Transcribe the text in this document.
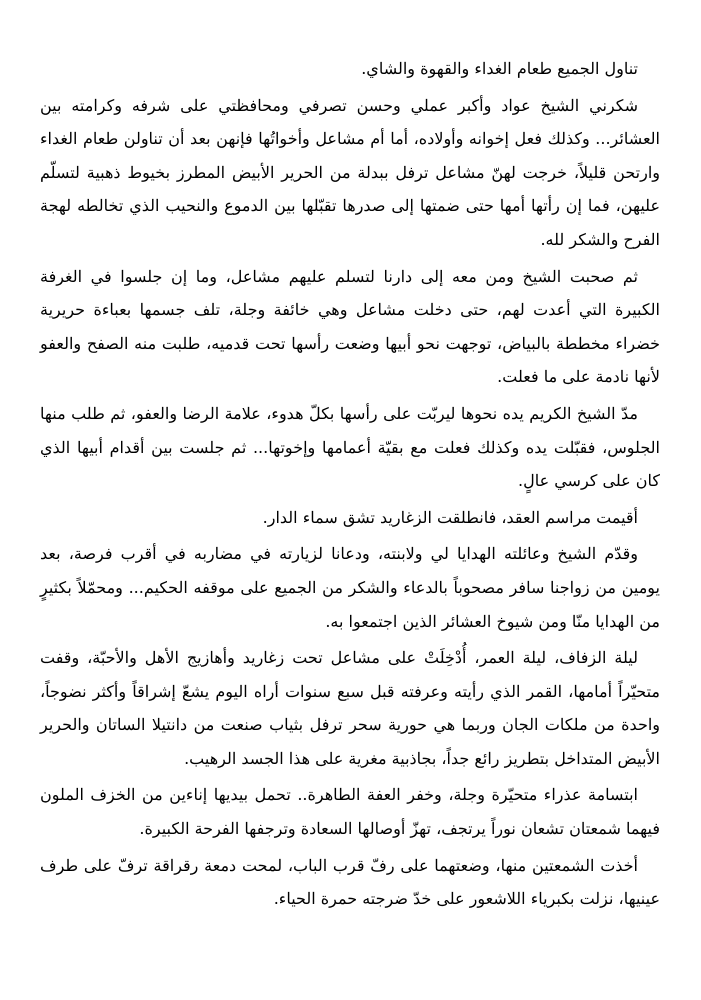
تناول الجميع طعام الغداء والقهوة والشاي.

شكرني الشيخ عواد وأكبر عملي وحسن تصرفي ومحافظتي على شرفه وكرامته بين العشائر... وكذلك فعل إخوانه وأولاده، أما أم مشاعل وأخواتُها فإنهن بعد أن تناولن طعام الغداء وارتحن قليلاً، خرجت لهنّ مشاعل ترفل ببدلة من الحرير الأبيض المطرز بخيوط ذهبية لتسلّم عليهن، فما إن رأتها أمها حتى ضمتها إلى صدرها تقبّلها بين الدموع والنحيب الذي تخالطه لهجة الفرح والشكر لله.

ثم صحبت الشيخ ومن معه إلى دارنا لتسلم عليهم مشاعل، وما إن جلسوا في الغرفة الكبيرة التي أعدت لهم، حتى دخلت مشاعل وهي خائفة وجلة، تلف جسمها بعباءة حريرية خضراء مخططة بالبياض، توجهت نحو أبيها وضعت رأسها تحت قدميه، طلبت منه الصفح والعفو لأنها نادمة على ما فعلت.

مدّ الشيخ الكريم يده نحوها ليربّت على رأسها بكلّ هدوء، علامة الرضا والعفو، ثم طلب منها الجلوس، فقبّلت يده وكذلك فعلت مع بقيّة أعمامها وإخوتها... ثم جلست بين أقدام أبيها الذي كان على كرسي عالٍ.

أقيمت مراسم العقد، فانطلقت الزغاريد تشق سماء الدار.

وقدّم الشيخ وعائلته الهدايا لي ولابنته، ودعانا لزيارته في مضاربه في أقرب فرصة، بعد يومين من زواجنا سافر مصحوباً بالدعاء والشكر من الجميع على موقفه الحكيم... ومحمّلاً بكثيرٍ من الهدايا منّا ومن شيوخ العشائر الذين اجتمعوا به.

ليلة الزفاف، ليلة العمر، أُدْخِلَتْ على مشاعل تحت زغاريد وأهازيج الأهل والأحبّة، وقفت متحيّراً أمامها، القمر الذي رأيته وعرفته قبل سبع سنوات أراه اليوم يشعّ إشراقاً وأكثر نضوجاً، واحدة من ملكات الجان وربما هي حورية سحر ترفل بثياب صنعت من دانتيلا الساتان والحرير الأبيض المتداخل بتطريز رائع جداً، بجاذبية مغرية على هذا الجسد الرهيب.

ابتسامة عذراء متحيّرة وجلة، وخفر العفة الطاهرة.. تحمل بيديها إناءين من الخزف الملون فيهما شمعتان تشعان نوراً يرتجف، تهزّ أوصالها السعادة وترجفها الفرحة الكبيرة.

أخذت الشمعتين منها، وضعتهما على رفّ قرب الباب، لمحت دمعة رقراقة ترفّ على طرف عينيها، نزلت بكبرياء اللاشعور على خدّ ضرجته حمرة الحياء.
